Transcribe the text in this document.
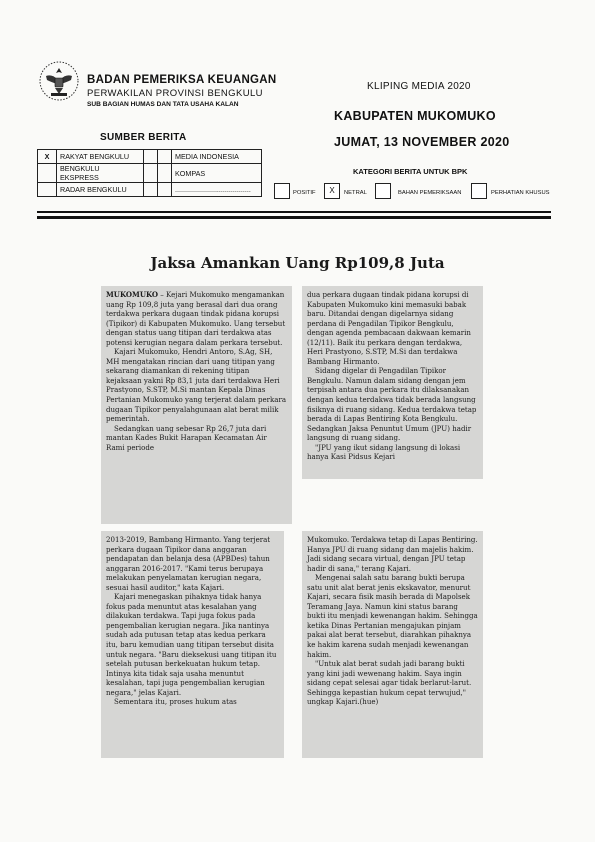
BADAN PEMERIKSA KEUANGAN
PERWAKILAN PROVINSI BENGKULU
SUB BAGIAN HUMAS DAN TATA USAHA KALAN
KLIPING MEDIA 2020
KABUPATEN MUKOMUKO
JUMAT, 13 NOVEMBER 2020
SUMBER BERITA
X	RAKYAT BENGKULU			MEDIA INDONESIA
	BENGKULU EKSPRESS			KOMPAS
	RADAR BENGKULU			......................................
KATEGORI BERITA UNTUK BPK
POSITIF	X	NETRAL	BAHAN PEMERIKSAAN	PERHATIAN KHUSUS
Jaksa Amankan Uang Rp109,8 Juta

MUKOMUKO – Kejari Mukomuko mengamankan uang Rp 109,8 juta yang berasal dari dua orang terdakwa perkara dugaan tindak pidana korupsi (Tipikor) di Kabupaten Mukomuko. Uang tersebut dengan status uang titipan dari terdakwa atas potensi kerugian negara dalam perkara tersebut.

Kajari Mukomuko, Hendri Antoro, S.Ag, SH, MH mengatakan rincian dari uang titipan yang sekarang diamankan di rekening titipan kejaksaan yakni Rp 83,1 juta dari terdakwa Heri Prastyono, S.STP, M.Si mantan Kepala Dinas Pertanian Mukomuko yang terjerat dalam perkara dugaan Tipikor penyalahgunaan alat berat milik pemerintah.

Sedangkan uang sebesar Rp 26,7 juta dari mantan Kades Bukit Harapan Kecamatan Air Rami periode

dua perkara dugaan tindak pidana korupsi di Kabupaten Mukomuko kini memasuki babak baru. Ditandai dengan digelarnya sidang perdana di Pengadilan Tipikor Bengkulu, dengan agenda pembacaan dakwaan kemarin (12/11). Baik itu perkara dengan terdakwa, Heri Prastyono, S.STP, M.Si dan terdakwa Bambang Hirmanto.

Sidang digelar di Pengadilan Tipikor Bengkulu. Namun dalam sidang dengan jem terpisah antara dua perkara itu dilaksanakan dengan kedua terdakwa tidak berada langsung fisiknya di ruang sidang. Kedua terdakwa tetap berada di Lapas Bentiring Kota Bengkulu. Sedangkan Jaksa Penuntut Umum (JPU) hadir langsung di ruang sidang.

"JPU yang ikut sidang langsung di lokasi hanya Kasi Pidsus Kejari

2013-2019, Bambang Hirmanto. Yang terjerat perkara dugaan Tipikor dana anggaran pendapatan dan belanja desa (APBDes) tahun anggaran 2016-2017. "Kami terus berupaya melakukan penyelamatan kerugian negara, sesuai hasil auditor," kata Kajari.

Kajari menegaskan pihaknya tidak hanya fokus pada menuntut atas kesalahan yang dilakukan terdakwa. Tapi juga fokus pada pengembalian kerugian negara. Jika nantinya sudah ada putusan tetap atas kedua perkara itu, baru kemudian uang titipan tersebut disita untuk negara. "Baru dieksekusi uang titipan itu setelah putusan berkekuatan hukum tetap. Intinya kita tidak saja usaha menuntut kesalahan, tapi juga pengembalian kerugian negara," jelas Kajari.

Sementara itu, proses hukum atas

Mukomuko. Terdakwa tetap di Lapas Bentiring. Hanya JPU di ruang sidang dan majelis hakim. Jadi sidang secara virtual, dengan JPU tetap hadir di sana," terang Kajari.

Mengenai salah satu barang bukti berupa satu unit alat berat jenis ekskavator, menurut Kajari, secara fisik masih berada di Mapolsek Teramang Jaya. Namun kini status barang bukti itu menjadi kewenangan hakim. Sehingga ketika Dinas Pertanian mengajukan pinjam pakai alat berat tersebut, diarahkan pihaknya ke hakim karena sudah menjadi kewenangan hakim.

"Untuk alat berat sudah jadi barang bukti yang kini jadi wewenang hakim. Saya ingin sidang cepat selesai agar tidak berlarut-larut. Sehingga kepastian hukum cepat terwujud," ungkap Kajari.(hue)
